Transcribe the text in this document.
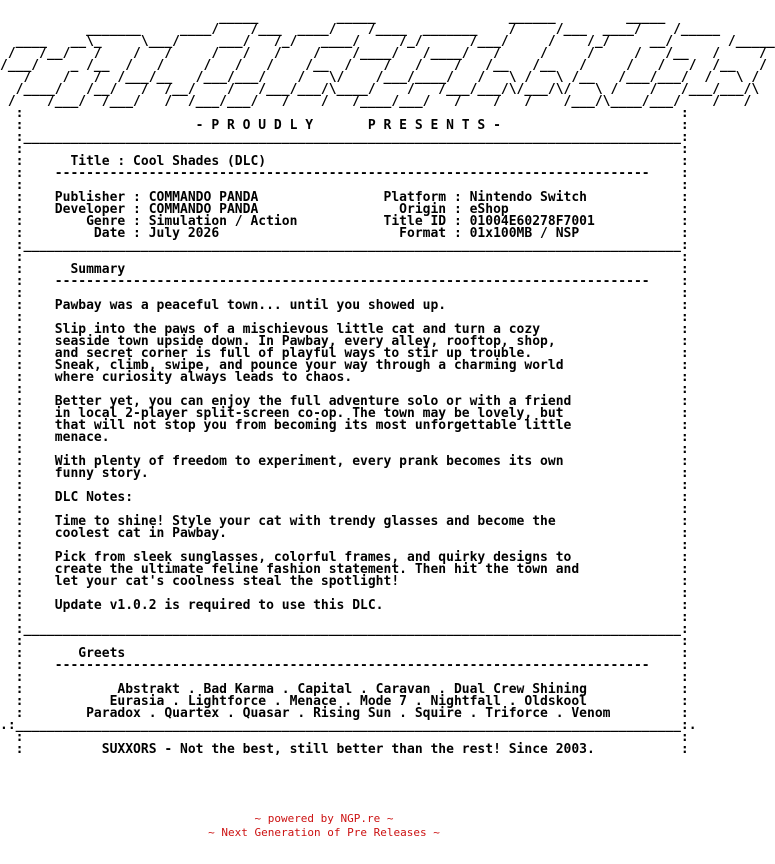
_____          _____                 ______         _____
_______     ____/    /___  ____/    /____  _______    /     /___  ____/    /_____
____   __\_     \___/     ___/   /_/   ____/     /_/      /___/     /    /_/     __/       /_____
/   /__/   /    /   /     /   /   /    /    /____/   /____/   /     /     /     /   /__   /     /
/___/    _ /__  /   /     /   /   /    /__  /    /   /    /   /__   /__   /     /   /   /  /__   /
/    /   /  /___/__   /___/___/    /   \/    /___/____/   /   \ /   \ /__   /___/___/  /   \ /
/____/   /__/   /  /__/    /   /___/___/\____/    /   /___/___/\/___/\/   \ /    /   /___/___/\
/    /___/  /___/   /  /___/___/   /    /   /____/___/   /    /   /    /___/\____/___/    /   /
:                                                                                    :
:                      - P R O U D L Y       P R E S E N T S -                       :
:____________________________________________________________________________________:
:                                                                                    :
:      Title : Cool Shades (DLC)                                                     :
:    ----------------------------------------------------------------------------    :
:                                                                                    :
:    Publisher : COMMANDO PANDA                Platform : Nintendo Switch            :
:    Developer : COMMANDO PANDA                  Origin : eShop                      :
:        Genre : Simulation / Action           Title ID : 01004E60278F7001           :
:         Date : July 2026                       Format : 01x100MB / NSP             :
:____________________________________________________________________________________:
:                                                                                    :
:      Summary                                                                       :
:    ----------------------------------------------------------------------------    :
:                                                                                    :
:    Pawbay was a peaceful town... until you showed up.                              :
:                                                                                    :
:    Slip into the paws of a mischievous little cat and turn a cozy                  :
:    seaside town upside down. In Pawbay, every alley, rooftop, shop,                :
:    and secret corner is full of playful ways to stir up trouble.                   :
:    Sneak, climb, swipe, and pounce your way through a charming world               :
:    where curiosity always leads to chaos.                                          :
:                                                                                    :
:    Better yet, you can enjoy the full adventure solo or with a friend              :
:    in local 2-player split-screen co-op. The town may be lovely, but               :
:    that will not stop you from becoming its most unforgettable little              :
:    menace.                                                                         :
:                                                                                    :
:    With plenty of freedom to experiment, every prank becomes its own               :
:    funny story.                                                                    :
:                                                                                    :
:    DLC Notes:                                                                      :
:                                                                                    :
:    Time to shine! Style your cat with trendy glasses and become the                :
:    coolest cat in Pawbay.                                                          :
:                                                                                    :
:    Pick from sleek sunglasses, colorful frames, and quirky designs to              :
:    create the ultimate feline fashion statement. Then hit the town and             :
:    let your cat's coolness steal the spotlight!                                    :
:                                                                                    :
:    Update v1.0.2 is required to use this DLC.                                      :
:                                                                                    :
:____________________________________________________________________________________:
:                                                                                    :
:       Greets                                                                       :
:    ----------------------------------------------------------------------------    :
:                                                                                    :
:            Abstrakt . Bad Karma . Capital . Caravan . Dual Crew Shining            :
:           Eurasia . Lightforce . Menace . Mode 7 . Nightfall . Oldskool            :
:        Paradox . Quartex . Quasar . Rising Sun . Squire . Triforce . Venom         :
.:_____________________________________________________________________________________:.
:                                                                                    :
:          SUXXORS - Not the best, still better than the rest! Since 2003.           :

~ powered by NGP.re ~
~ Next Generation of Pre Releases ~
